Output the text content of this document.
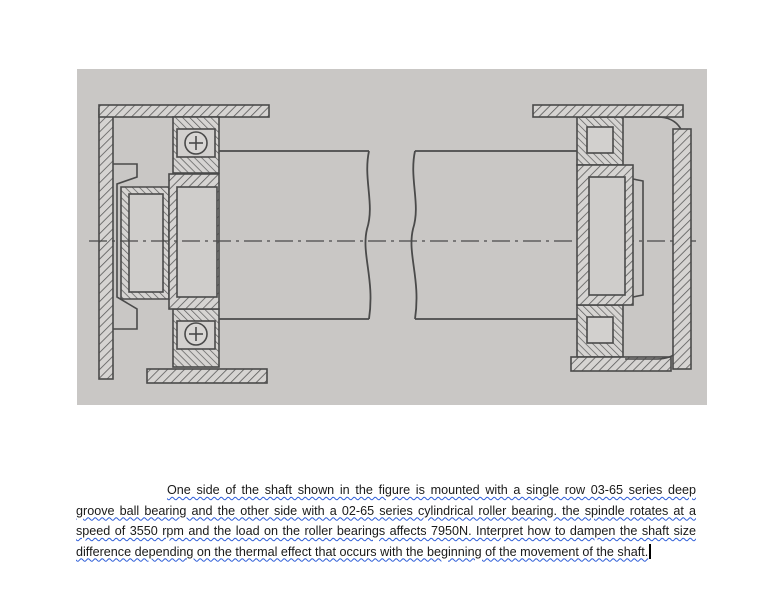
One side of the shaft shown in the figure is mounted with a single row 03-65 series deep groove ball bearing and the other side with a 02-65 series cylindrical roller bearing. the spindle rotates at a speed of 3550 rpm and the load on the roller bearings affects 7950N. Interpret how to dampen the shaft size difference depending on the thermal effect that occurs with the beginning of the movement of the shaft.
